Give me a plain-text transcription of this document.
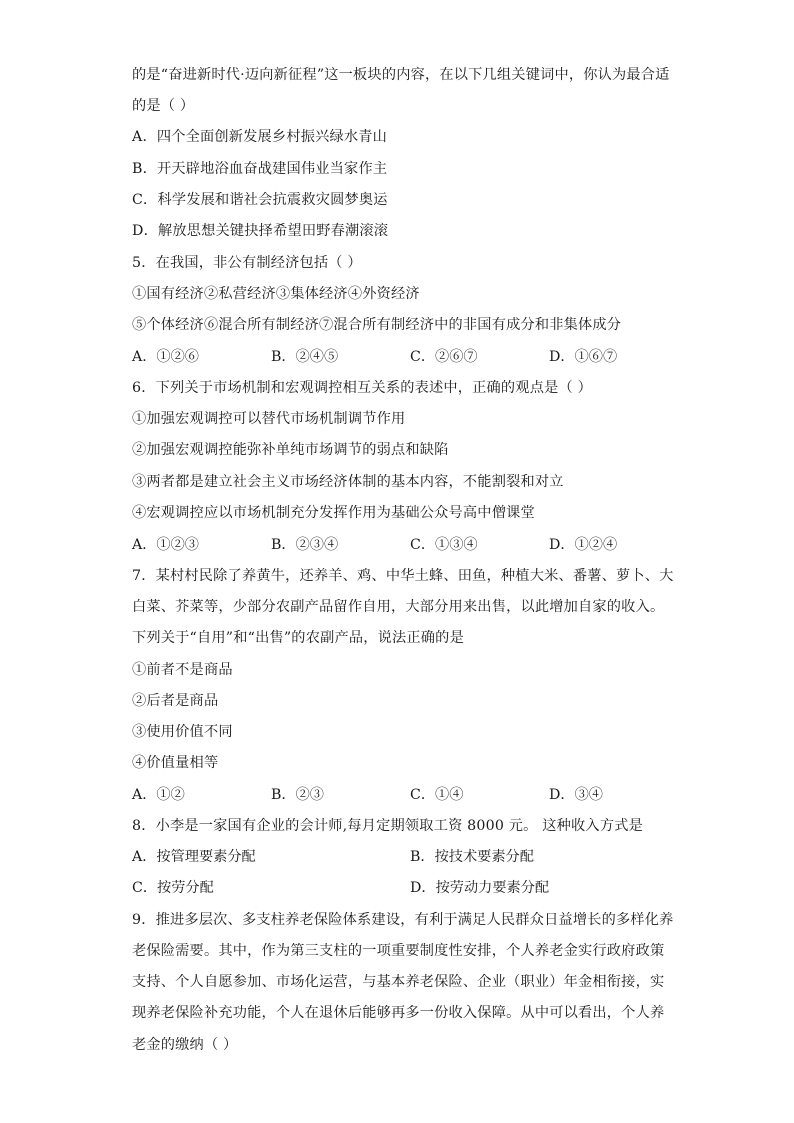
的是“奋进新时代·迈向新征程”这一板块的内容，在以下几组关键词中，你认为最合适
的是（ ）
A．四个全面创新发展乡村振兴绿水青山
B．开天辟地浴血奋战建国伟业当家作主
C．科学发展和谐社会抗震救灾圆梦奥运
D．解放思想关键抉择希望田野春潮滚滚
5．在我国，非公有制经济包括（ ）
①国有经济②私营经济③集体经济④外资经济
⑤个体经济⑥混合所有制经济⑦混合所有制经济中的非国有成分和非集体成分
A．①②⑥	B．②④⑤	C．②⑥⑦	D．①⑥⑦
6．下列关于市场机制和宏观调控相互关系的表述中，正确的观点是（ ）
①加强宏观调控可以替代市场机制调节作用
②加强宏观调控能弥补单纯市场调节的弱点和缺陷
③两者都是建立社会主义市场经济体制的基本内容，不能割裂和对立
④宏观调控应以市场机制充分发挥作用为基础公众号高中僧课堂
A．①②③	B．②③④	C．①③④	D．①②④
7．某村村民除了养黄牛，还养羊、鸡、中华土蜂、田鱼，种植大米、番薯、萝卜、大
白菜、芥菜等，少部分农副产品留作自用，大部分用来出售，以此增加自家的收入。
下列关于“自用”和“出售”的农副产品，说法正确的是
①前者不是商品
②后者是商品
③使用价值不同
④价值量相等
A．①②	B．②③	C．①④	D．③④
8．小李是一家国有企业的会计师,每月定期领取工资 8000 元。 这种收入方式是
A．按管理要素分配	B．按技术要素分配
C．按劳分配	D．按劳动力要素分配
9．推进多层次、多支柱养老保险体系建设，有利于满足人民群众日益增长的多样化养
老保险需要。其中，作为第三支柱的一项重要制度性安排，个人养老金实行政府政策
支持、个人自愿参加、市场化运营，与基本养老保险、企业（职业）年金相衔接，实
现养老保险补充功能，个人在退休后能够再多一份收入保障。从中可以看出，个人养
老金的缴纳（ ）
